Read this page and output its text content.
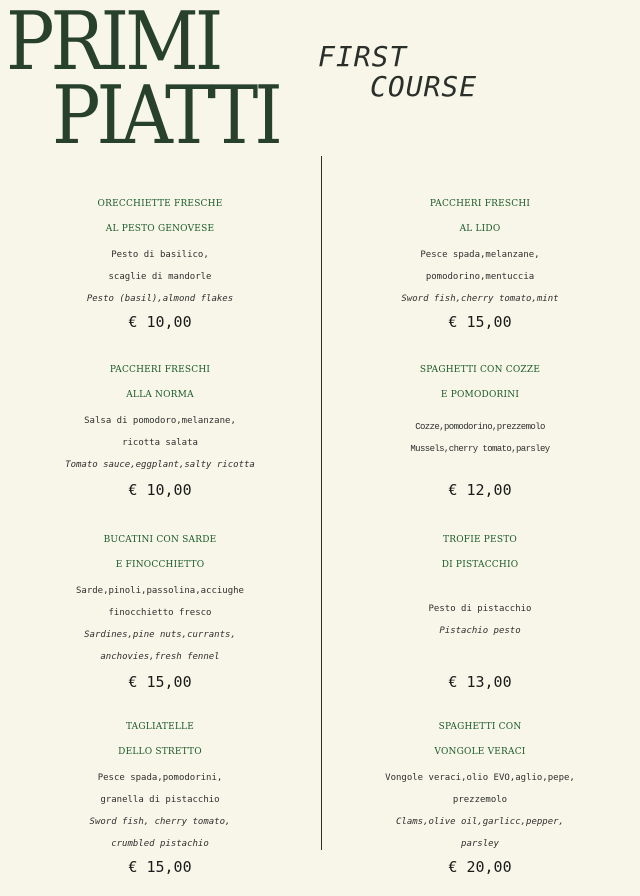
PRIMI
PIATTI
FIRST
COURSE
ORECCHIETTE FRESCHE
AL PESTO GENOVESE
Pesto di basilico,
scaglie di mandorle
Pesto (basil),almond flakes
€ 10,00
PACCHERI FRESCHI
AL LIDO
Pesce spada,melanzane,
pomodorino,mentuccia
Sword fish,cherry tomato,mint
€ 15,00
PACCHERI FRESCHI
ALLA NORMA
Salsa di pomodoro,melanzane,
ricotta salata
Tomato sauce,eggplant,salty ricotta
€ 10,00
SPAGHETTI CON COZZE
E POMODORINI
Cozze,pomodorino,prezzemolo
Mussels,cherry tomato,parsley
€ 12,00
BUCATINI CON SARDE
E FINOCCHIETTO
Sarde,pinoli,passolina,acciughe
finocchietto fresco
Sardines,pine nuts,currants,
anchovies,fresh fennel
€ 15,00
TROFIE PESTO
DI PISTACCHIO
Pesto di pistacchio
Pistachio pesto
€ 13,00
TAGLIATELLE
DELLO STRETTO
Pesce spada,pomodorini,
granella di pistacchio
Sword fish, cherry tomato,
crumbled pistachio
€ 15,00
SPAGHETTI CON
VONGOLE VERACI
Vongole veraci,olio EVO,aglio,pepe,
prezzemolo
Clams,olive oil,garlicc,pepper,
parsley
€ 20,00
